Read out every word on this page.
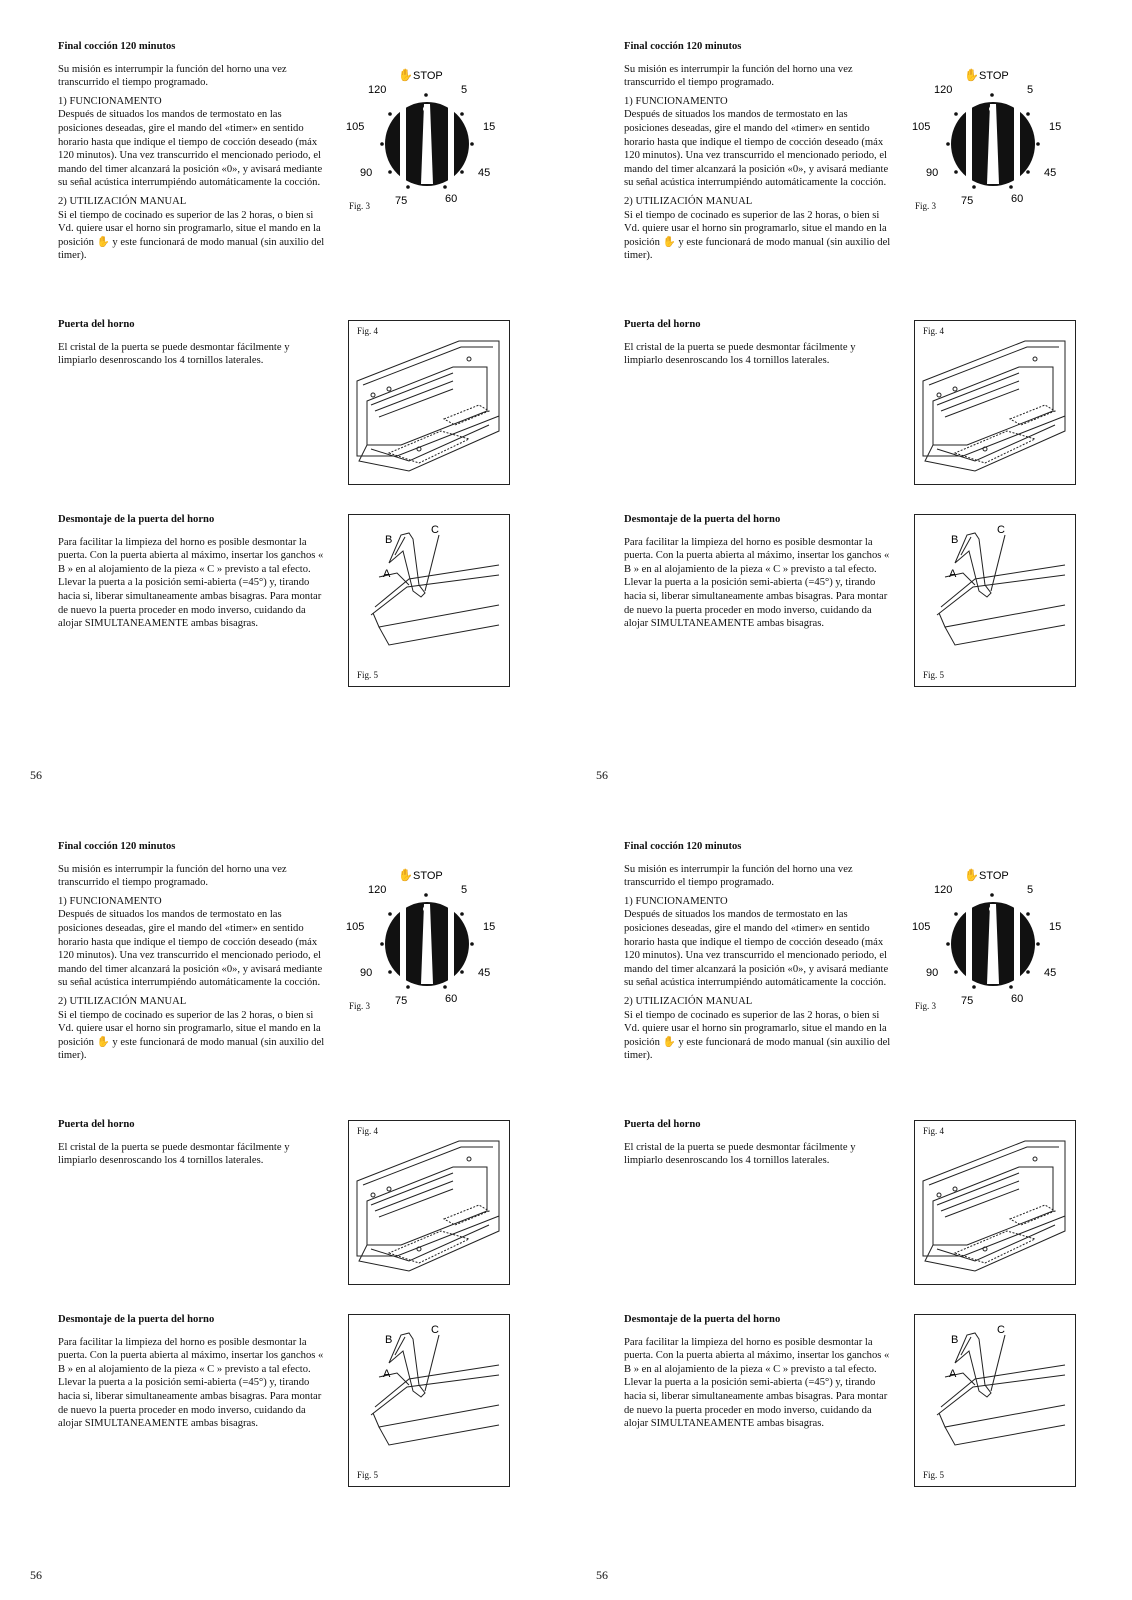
Final cocción 120 minutos

Su misión es interrumpir la función del horno una vez transcurrido el tiempo programado.

1) FUNCIONAMENTO

Después de situados los mandos de termostato en las posiciones deseadas, gire el mando del «timer» en sentido horario hasta que indique el tiempo de cocción deseado (máx 120 minutos). Una vez transcurrido el mencionado periodo, el mando del timer alcanzará la posición «0», y avisará mediante su señal acústica interrumpiéndo automáticamente la cocción.

2) UTILIZACIÓN MANUAL

Si el tiempo de cocinado es superior de las 2 horas, o bien si Vd. quiere usar el horno sin programarlo, situe el mando en la posición ✋ y este funcionará de modo manual (sin auxilio del timer).

✋ STOP
5
15
45
60
75
90
105
120
Fig. 3

Puerta del horno

El cristal de la puerta se puede desmontar fácilmente y limpiarlo desenroscando los 4 tornillos laterales.

Fig. 4

Desmontaje de la puerta del horno

Para facilitar la limpieza del horno es posible desmontar la puerta. Con la puerta abierta al máximo, insertar los ganchos « B » en al alojamiento de la pieza « C » previsto a tal efecto. Llevar la puerta a la posición semi-abierta (=45°) y, tirando hacia si, liberar simultaneamente ambas bisagras. Para montar de nuevo la puerta proceder en modo inverso, cuidando da alojar SIMULTANEAMENTE ambas bisagras.

C
B
A
Fig. 5
56

Final cocción 120 minutos

Su misión es interrumpir la función del horno una vez transcurrido el tiempo programado.

1) FUNCIONAMENTO

Después de situados los mandos de termostato en las posiciones deseadas, gire el mando del «timer» en sentido horario hasta que indique el tiempo de cocción deseado (máx 120 minutos). Una vez transcurrido el mencionado periodo, el mando del timer alcanzará la posición «0», y avisará mediante su señal acústica interrumpiéndo automáticamente la cocción.

2) UTILIZACIÓN MANUAL

Si el tiempo de cocinado es superior de las 2 horas, o bien si Vd. quiere usar el horno sin programarlo, situe el mando en la posición ✋ y este funcionará de modo manual (sin auxilio del timer).

✋ STOP
5
15
45
60
75
90
105
120
Fig. 3

Puerta del horno

El cristal de la puerta se puede desmontar fácilmente y limpiarlo desenroscando los 4 tornillos laterales.

Fig. 4

Desmontaje de la puerta del horno

Para facilitar la limpieza del horno es posible desmontar la puerta. Con la puerta abierta al máximo, insertar los ganchos « B » en al alojamiento de la pieza « C » previsto a tal efecto. Llevar la puerta a la posición semi-abierta (=45°) y, tirando hacia si, liberar simultaneamente ambas bisagras. Para montar de nuevo la puerta proceder en modo inverso, cuidando da alojar SIMULTANEAMENTE ambas bisagras.

C
B
A
Fig. 5
56

Final cocción 120 minutos

Su misión es interrumpir la función del horno una vez transcurrido el tiempo programado.

1) FUNCIONAMENTO

Después de situados los mandos de termostato en las posiciones deseadas, gire el mando del «timer» en sentido horario hasta que indique el tiempo de cocción deseado (máx 120 minutos). Una vez transcurrido el mencionado periodo, el mando del timer alcanzará la posición «0», y avisará mediante su señal acústica interrumpiéndo automáticamente la cocción.

2) UTILIZACIÓN MANUAL

Si el tiempo de cocinado es superior de las 2 horas, o bien si Vd. quiere usar el horno sin programarlo, situe el mando en la posición ✋ y este funcionará de modo manual (sin auxilio del timer).

✋ STOP
5
15
45
60
75
90
105
120
Fig. 3

Puerta del horno

El cristal de la puerta se puede desmontar fácilmente y limpiarlo desenroscando los 4 tornillos laterales.

Fig. 4

Desmontaje de la puerta del horno

Para facilitar la limpieza del horno es posible desmontar la puerta. Con la puerta abierta al máximo, insertar los ganchos « B » en al alojamiento de la pieza « C » previsto a tal efecto. Llevar la puerta a la posición semi-abierta (=45°) y, tirando hacia si, liberar simultaneamente ambas bisagras. Para montar de nuevo la puerta proceder en modo inverso, cuidando da alojar SIMULTANEAMENTE ambas bisagras.

C
B
A
Fig. 5
56

Final cocción 120 minutos

Su misión es interrumpir la función del horno una vez transcurrido el tiempo programado.

1) FUNCIONAMENTO

Después de situados los mandos de termostato en las posiciones deseadas, gire el mando del «timer» en sentido horario hasta que indique el tiempo de cocción deseado (máx 120 minutos). Una vez transcurrido el mencionado periodo, el mando del timer alcanzará la posición «0», y avisará mediante su señal acústica interrumpiéndo automáticamente la cocción.

2) UTILIZACIÓN MANUAL

Si el tiempo de cocinado es superior de las 2 horas, o bien si Vd. quiere usar el horno sin programarlo, situe el mando en la posición ✋ y este funcionará de modo manual (sin auxilio del timer).

✋ STOP
5
15
45
60
75
90
105
120
Fig. 3

Puerta del horno

El cristal de la puerta se puede desmontar fácilmente y limpiarlo desenroscando los 4 tornillos laterales.

Fig. 4

Desmontaje de la puerta del horno

Para facilitar la limpieza del horno es posible desmontar la puerta. Con la puerta abierta al máximo, insertar los ganchos « B » en al alojamiento de la pieza « C » previsto a tal efecto. Llevar la puerta a la posición semi-abierta (=45°) y, tirando hacia si, liberar simultaneamente ambas bisagras. Para montar de nuevo la puerta proceder en modo inverso, cuidando da alojar SIMULTANEAMENTE ambas bisagras.

C
B
A
Fig. 5
56
